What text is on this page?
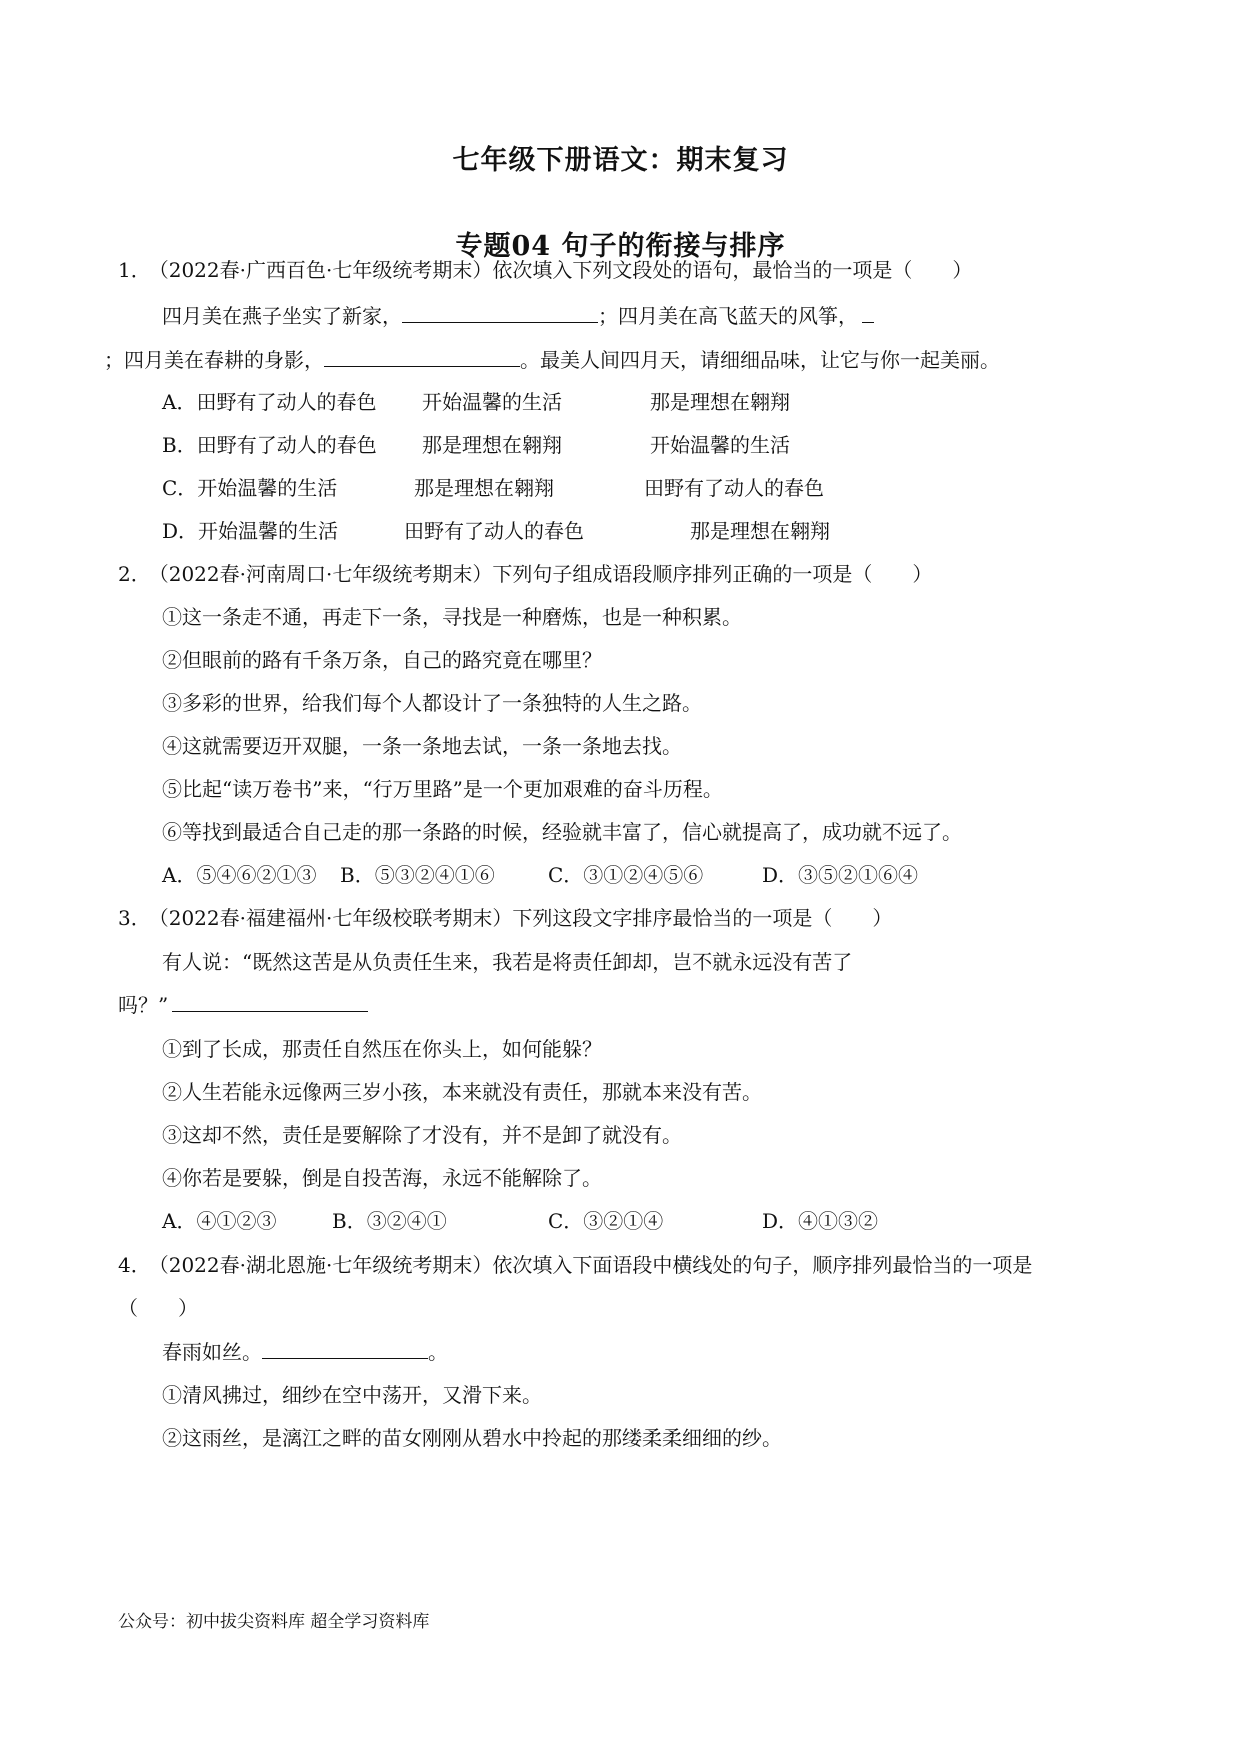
七年级下册语文：期末复习
专题04 句子的衔接与排序
1． （2022春·广西百色·七年级统考期末）依次填入下列文段处的语句，最恰当的一项是（　　）
四月美在燕子坐实了新家，	；四月美在高飞蓝天的风筝，
；四月美在春耕的身影，	。最美人间四月天，请细细品味，让它与你一起美丽。
A．田野有了动人的春色 开始温馨的生活	那是理想在翱翔
B．田野有了动人的春色 那是理想在翱翔	开始温馨的生活
C．开始温馨的生活	那是理想在翱翔	田野有了动人的春色
D．开始温馨的生活	田野有了动人的春色	那是理想在翱翔
2． （2022春·河南周口·七年级统考期末）下列句子组成语段顺序排列正确的一项是（　　）
①这一条走不通，再走下一条，寻找是一种磨炼，也是一种积累。
②但眼前的路有千条万条，自己的路究竟在哪里？
③多彩的世界，给我们每个人都设计了一条独特的人生之路。
④这就需要迈开双腿，一条一条地去试，一条一条地去找。
⑤比起“读万卷书”来，“行万里路”是一个更加艰难的奋斗历程。
⑥等找到最适合自己走的那一条路的时候，经验就丰富了，信心就提高了，成功就不远了。
A．⑤④⑥②①③ B．⑤③②④①⑥	C．③①②④⑤⑥	D．③⑤②①⑥④
3． （2022春·福建福州·七年级校联考期末）下列这段文字排序最恰当的一项是（　　）
有人说：“既然这苦是从负责任生来，我若是将责任卸却，岂不就永远没有苦了
吗？”
①到了长成，那责任自然压在你头上，如何能躲？
②人生若能永远像两三岁小孩，本来就没有责任，那就本来没有苦。
③这却不然，责任是要解除了才没有，并不是卸了就没有。
④你若是要躲，倒是自投苦海，永远不能解除了。
A．④①②③	B．③②④①	C．③②①④	D．④①③②
4． （2022春·湖北恩施·七年级统考期末）依次填入下面语段中横线处的句子，顺序排列最恰当的一项是
（　　）
春雨如丝。	。
①清风拂过，细纱在空中荡开，又滑下来。
②这雨丝，是漓江之畔的苗女刚刚从碧水中拎起的那缕柔柔细细的纱。
公众号：初中拔尖资料库 超全学习资料库
